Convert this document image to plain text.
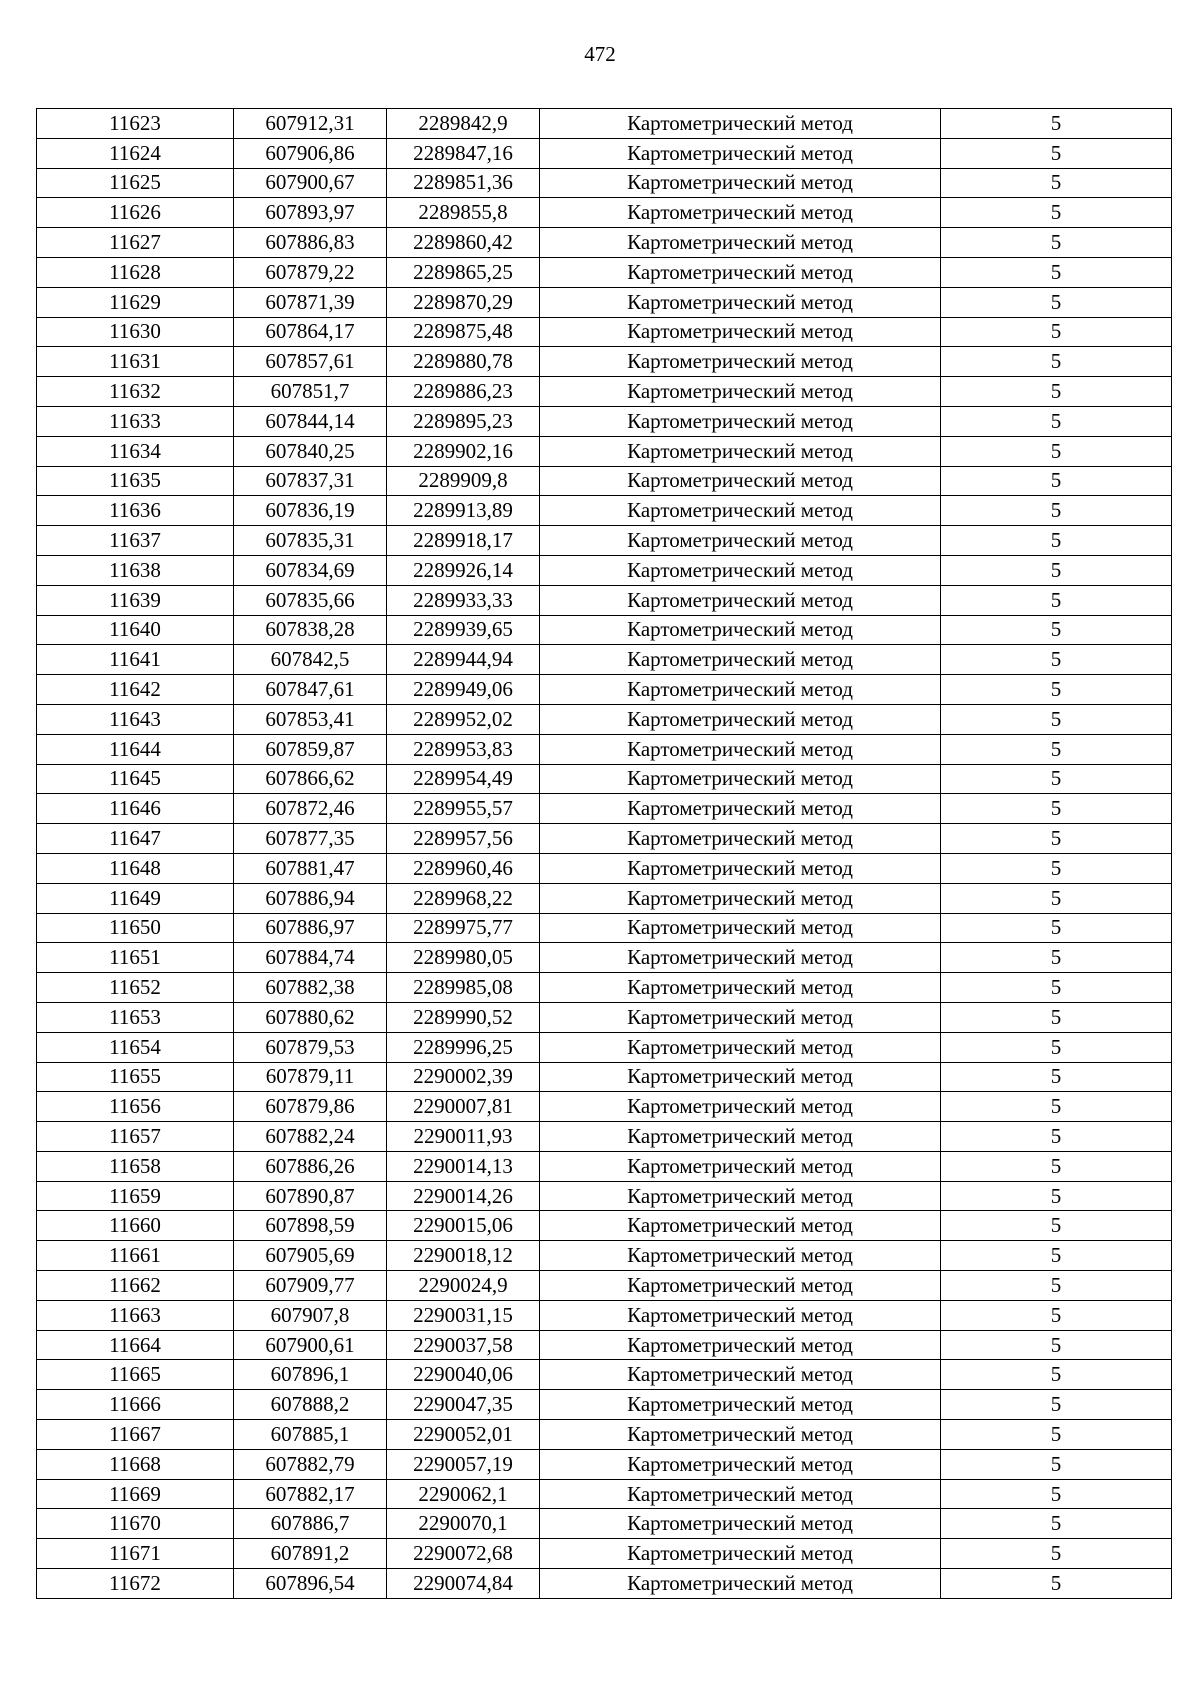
472
11623	607912,31	2289842,9	Картометрический метод	5
11624	607906,86	2289847,16	Картометрический метод	5
11625	607900,67	2289851,36	Картометрический метод	5
11626	607893,97	2289855,8	Картометрический метод	5
11627	607886,83	2289860,42	Картометрический метод	5
11628	607879,22	2289865,25	Картометрический метод	5
11629	607871,39	2289870,29	Картометрический метод	5
11630	607864,17	2289875,48	Картометрический метод	5
11631	607857,61	2289880,78	Картометрический метод	5
11632	607851,7	2289886,23	Картометрический метод	5
11633	607844,14	2289895,23	Картометрический метод	5
11634	607840,25	2289902,16	Картометрический метод	5
11635	607837,31	2289909,8	Картометрический метод	5
11636	607836,19	2289913,89	Картометрический метод	5
11637	607835,31	2289918,17	Картометрический метод	5
11638	607834,69	2289926,14	Картометрический метод	5
11639	607835,66	2289933,33	Картометрический метод	5
11640	607838,28	2289939,65	Картометрический метод	5
11641	607842,5	2289944,94	Картометрический метод	5
11642	607847,61	2289949,06	Картометрический метод	5
11643	607853,41	2289952,02	Картометрический метод	5
11644	607859,87	2289953,83	Картометрический метод	5
11645	607866,62	2289954,49	Картометрический метод	5
11646	607872,46	2289955,57	Картометрический метод	5
11647	607877,35	2289957,56	Картометрический метод	5
11648	607881,47	2289960,46	Картометрический метод	5
11649	607886,94	2289968,22	Картометрический метод	5
11650	607886,97	2289975,77	Картометрический метод	5
11651	607884,74	2289980,05	Картометрический метод	5
11652	607882,38	2289985,08	Картометрический метод	5
11653	607880,62	2289990,52	Картометрический метод	5
11654	607879,53	2289996,25	Картометрический метод	5
11655	607879,11	2290002,39	Картометрический метод	5
11656	607879,86	2290007,81	Картометрический метод	5
11657	607882,24	2290011,93	Картометрический метод	5
11658	607886,26	2290014,13	Картометрический метод	5
11659	607890,87	2290014,26	Картометрический метод	5
11660	607898,59	2290015,06	Картометрический метод	5
11661	607905,69	2290018,12	Картометрический метод	5
11662	607909,77	2290024,9	Картометрический метод	5
11663	607907,8	2290031,15	Картометрический метод	5
11664	607900,61	2290037,58	Картометрический метод	5
11665	607896,1	2290040,06	Картометрический метод	5
11666	607888,2	2290047,35	Картометрический метод	5
11667	607885,1	2290052,01	Картометрический метод	5
11668	607882,79	2290057,19	Картометрический метод	5
11669	607882,17	2290062,1	Картометрический метод	5
11670	607886,7	2290070,1	Картометрический метод	5
11671	607891,2	2290072,68	Картометрический метод	5
11672	607896,54	2290074,84	Картометрический метод	5
